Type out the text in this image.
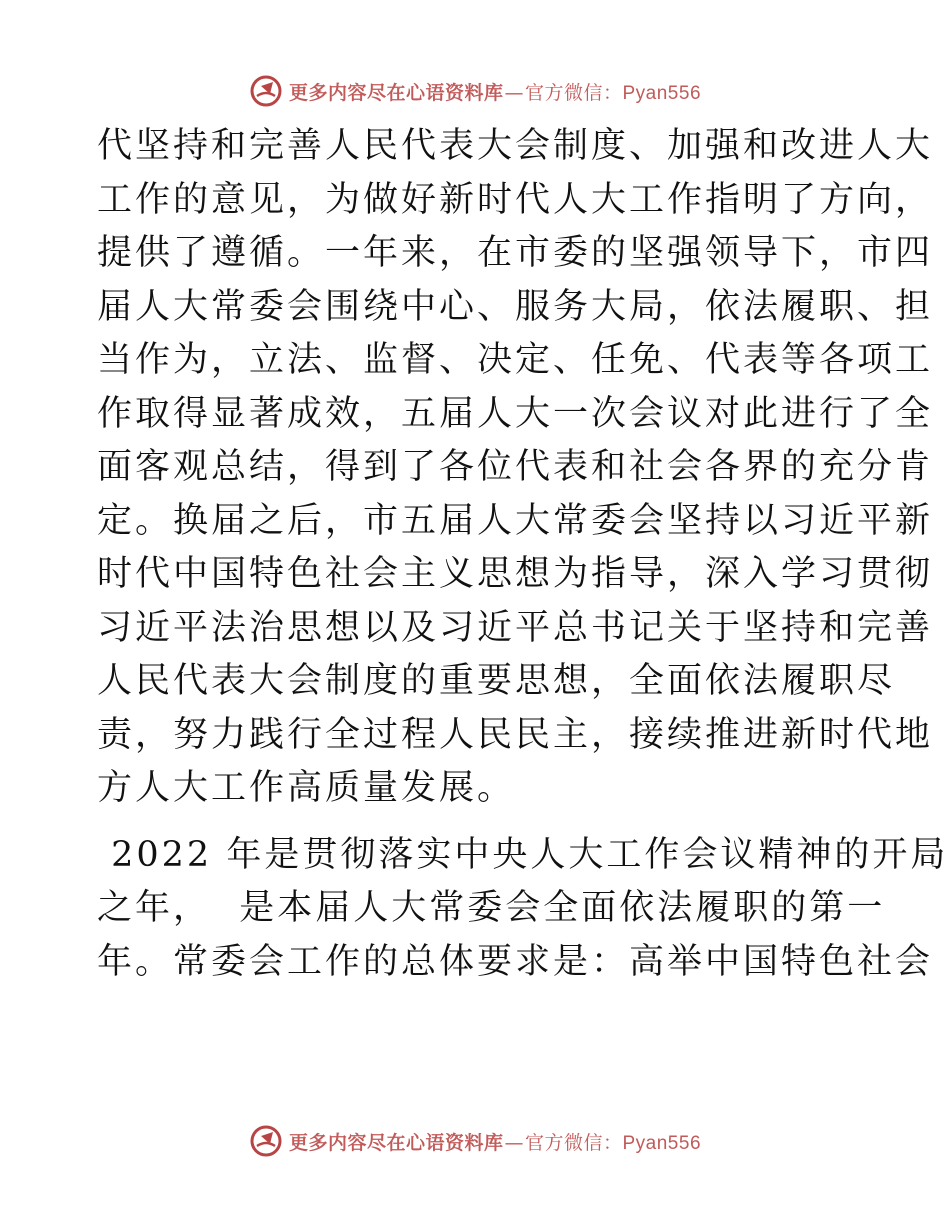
更多内容尽在心语资料库—官方微信：Pyan556

代坚持和完善人民代表大会制度、加强和改进人大
工作的意见，为做好新时代人大工作指明了方向，
提供了遵循。一年来，在市委的坚强领导下，市四
届人大常委会围绕中心、服务大局，依法履职、担
当作为，立法、监督、决定、任免、代表等各项工
作取得显著成效，五届人大一次会议对此进行了全
面客观总结，得到了各位代表和社会各界的充分肯
定。换届之后，市五届人大常委会坚持以习近平新
时代中国特色社会主义思想为指导，深入学习贯彻
习近平法治思想以及习近平总书记关于坚持和完善
人民代表大会制度的重要思想，全面依法履职尽
责，努力践行全过程人民民主，接续推进新时代地
方人大工作高质量发展。

2022 年是贯彻落实中央人大工作会议精神的开局
之年，  是本届人大常委会全面依法履职的第一
年。常委会工作的总体要求是：高举中国特色社会

更多内容尽在心语资料库—官方微信：Pyan556
